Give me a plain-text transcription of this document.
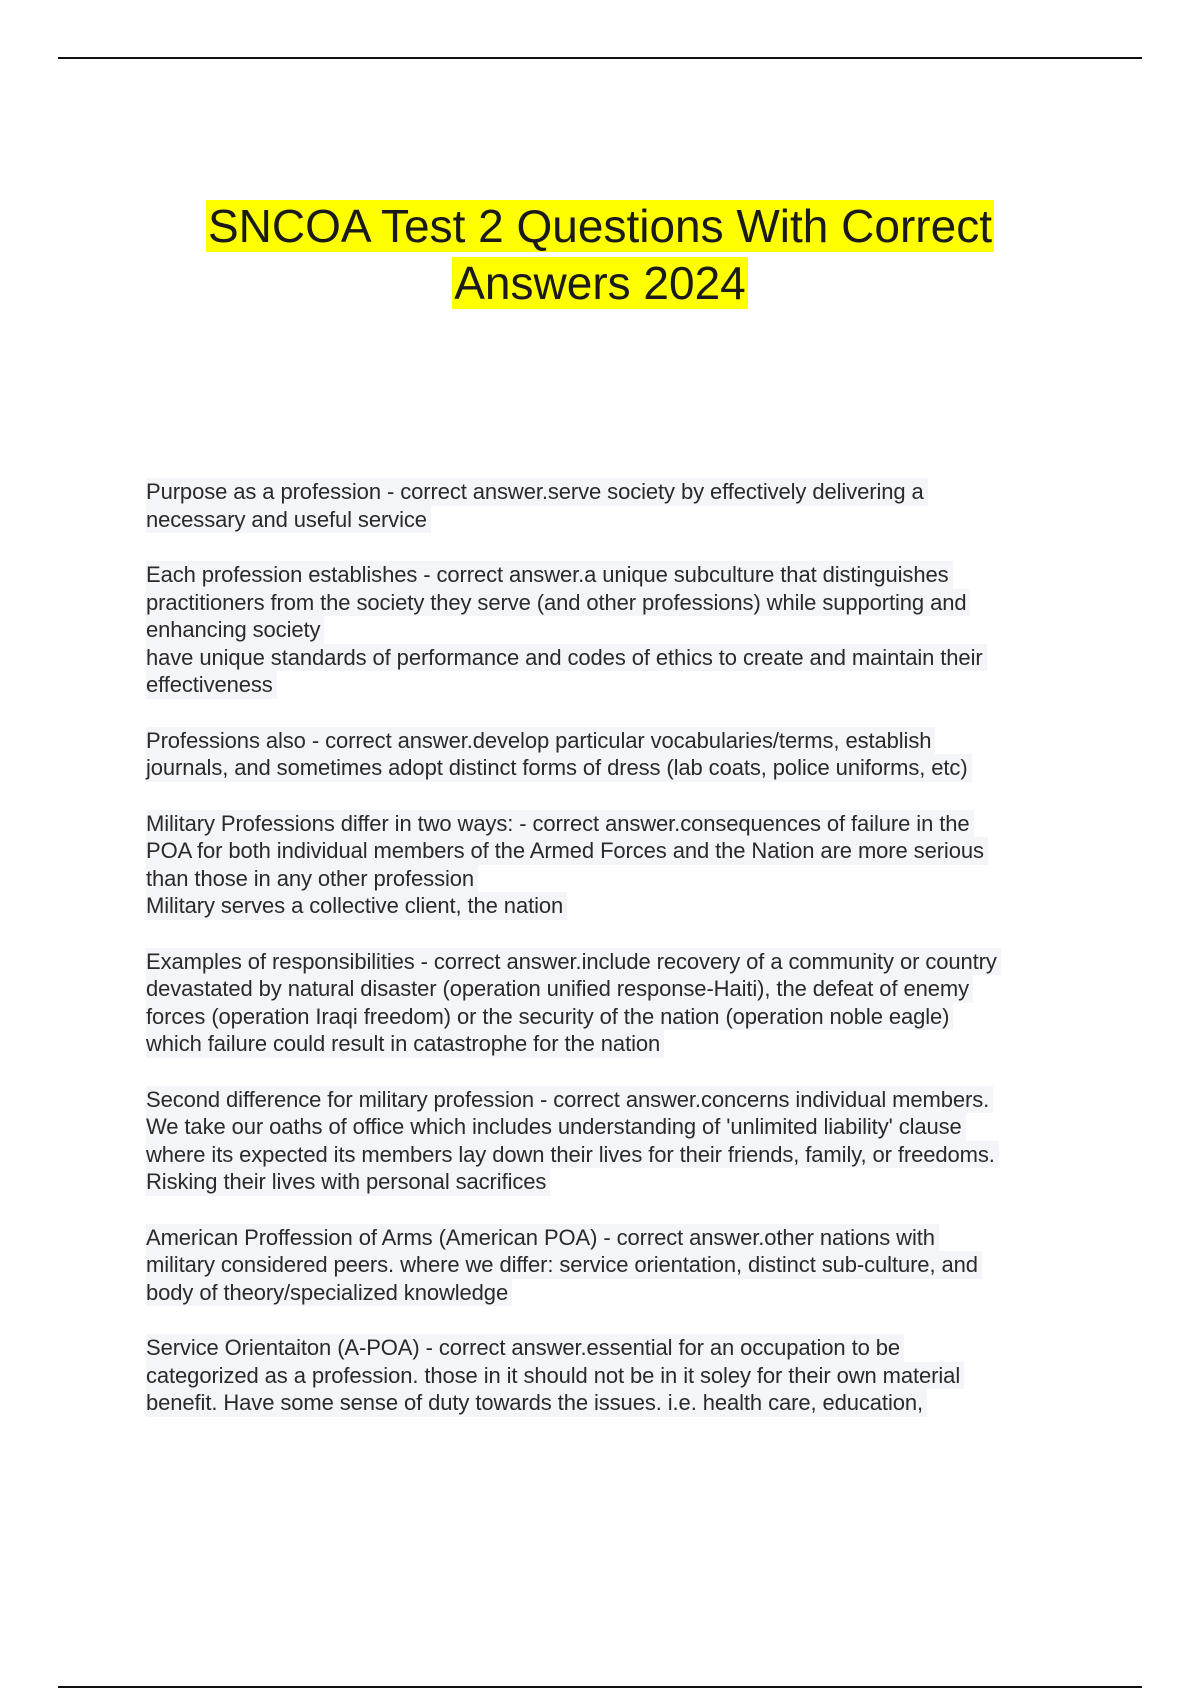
SNCOA Test 2 Questions With Correct
Answers 2024
Purpose as a profession - correct answer.serve society by effectively delivering a
necessary and useful service
Each profession establishes - correct answer.a unique subculture that distinguishes
practitioners from the society they serve (and other professions) while supporting and
enhancing society
have unique standards of performance and codes of ethics to create and maintain their
effectiveness
Professions also - correct answer.develop particular vocabularies/terms, establish
journals, and sometimes adopt distinct forms of dress (lab coats, police uniforms, etc)
Military Professions differ in two ways: - correct answer.consequences of failure in the
POA for both individual members of the Armed Forces and the Nation are more serious
than those in any other profession
Military serves a collective client, the nation
Examples of responsibilities - correct answer.include recovery of a community or country
devastated by natural disaster (operation unified response-Haiti), the defeat of enemy
forces (operation Iraqi freedom) or the security of the nation (operation noble eagle)
which failure could result in catastrophe for the nation
Second difference for military profession - correct answer.concerns individual members.
We take our oaths of office which includes understanding of 'unlimited liability' clause
where its expected its members lay down their lives for their friends, family, or freedoms.
Risking their lives with personal sacrifices
American Proffession of Arms (American POA) - correct answer.other nations with
military considered peers. where we differ: service orientation, distinct sub-culture, and
body of theory/specialized knowledge
Service Orientaiton (A-POA) - correct answer.essential for an occupation to be
categorized as a profession. those in it should not be in it soley for their own material
benefit. Have some sense of duty towards the issues. i.e. health care, education,
